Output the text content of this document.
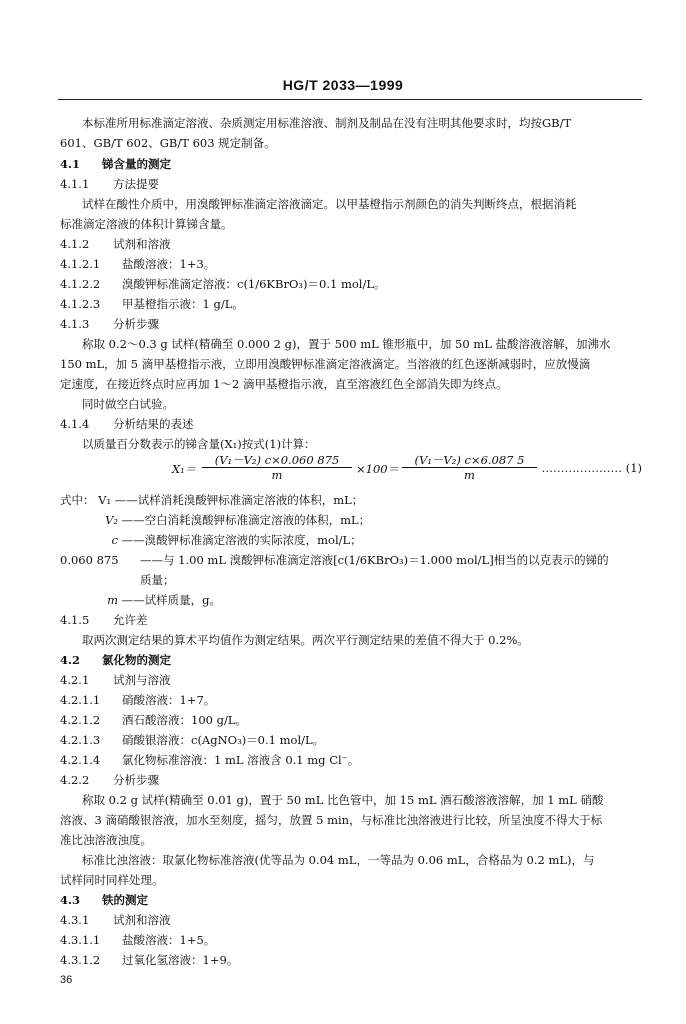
HG/T 2033—1999
本标准所用标准滴定溶液、杂质测定用标准溶液、制剂及制品在没有注明其他要求时，均按GB/T
601、GB/T 602、GB/T 603 规定制备。
4.1 锑含量的测定
4.1.1 方法提要
试样在酸性介质中，用溴酸钾标准滴定溶液滴定。以甲基橙指示剂颜色的消失判断终点，根据消耗
标准滴定溶液的体积计算锑含量。
4.1.2 试剂和溶液
4.1.2.1 盐酸溶液：1+3。
4.1.2.2 溴酸钾标准滴定溶液：c(1/6KBrO₃)＝0.1 mol/L。
4.1.2.3 甲基橙指示液：1 g/L。
4.1.3 分析步骤
称取 0.2～0.3 g 试样(精确至 0.000 2 g)，置于 500 mL 锥形瓶中，加 50 mL 盐酸溶液溶解，加沸水
150 mL，加 5 滴甲基橙指示液，立即用溴酸钾标准滴定溶液滴定。当溶液的红色逐渐减弱时，应放慢滴
定速度，在接近终点时应再加 1～2 滴甲基橙指示液，直至溶液红色全部消失即为终点。
同时做空白试验。
4.1.4 分析结果的表述
以质量百分数表示的锑含量(X₁)按式(1)计算：
$X_1= \frac{\text{(V₁－V₂) c×0.060 875}}{m} \times 100= \frac{\text{(V₁－V₂) c×6.087 5}}{m}$ ………………… (1)
式中： V₁ ——试样消耗溴酸钾标准滴定溶液的体积，mL；
V₂ ——空白消耗溴酸钾标准滴定溶液的体积，mL；
c ——溴酸钾标准滴定溶液的实际浓度，mol/L；
0.060 875 ——与 1.00 mL 溴酸钾标准滴定溶液[c(1/6KBrO₃)＝1.000 mol/L]相当的以克表示的锑的
质量；
m ——试样质量，g。
4.1.5 允许差
取两次测定结果的算术平均值作为测定结果。两次平行测定结果的差值不得大于 0.2%。
4.2 氯化物的测定
4.2.1 试剂与溶液
4.2.1.1 硝酸溶液：1+7。
4.2.1.2 酒石酸溶液：100 g/L。
4.2.1.3 硝酸银溶液：c(AgNO₃)＝0.1 mol/L。
4.2.1.4 氯化物标准溶液：1 mL 溶液含 0.1 mg Cl⁻。
4.2.2 分析步骤
称取 0.2 g 试样(精确至 0.01 g)，置于 50 mL 比色管中，加 15 mL 酒石酸溶液溶解，加 1 mL 硝酸
溶液、3 滴硝酸银溶液，加水至刻度，摇匀，放置 5 min，与标准比浊溶液进行比较，所呈浊度不得大于标
准比浊溶液浊度。
标准比浊溶液：取氯化物标准溶液(优等品为 0.04 mL，一等品为 0.06 mL，合格品为 0.2 mL)，与
试样同时同样处理。
4.3 铁的测定
4.3.1 试剂和溶液
4.3.1.1 盐酸溶液：1+5。
4.3.1.2 过氧化氢溶液：1+9。
36
